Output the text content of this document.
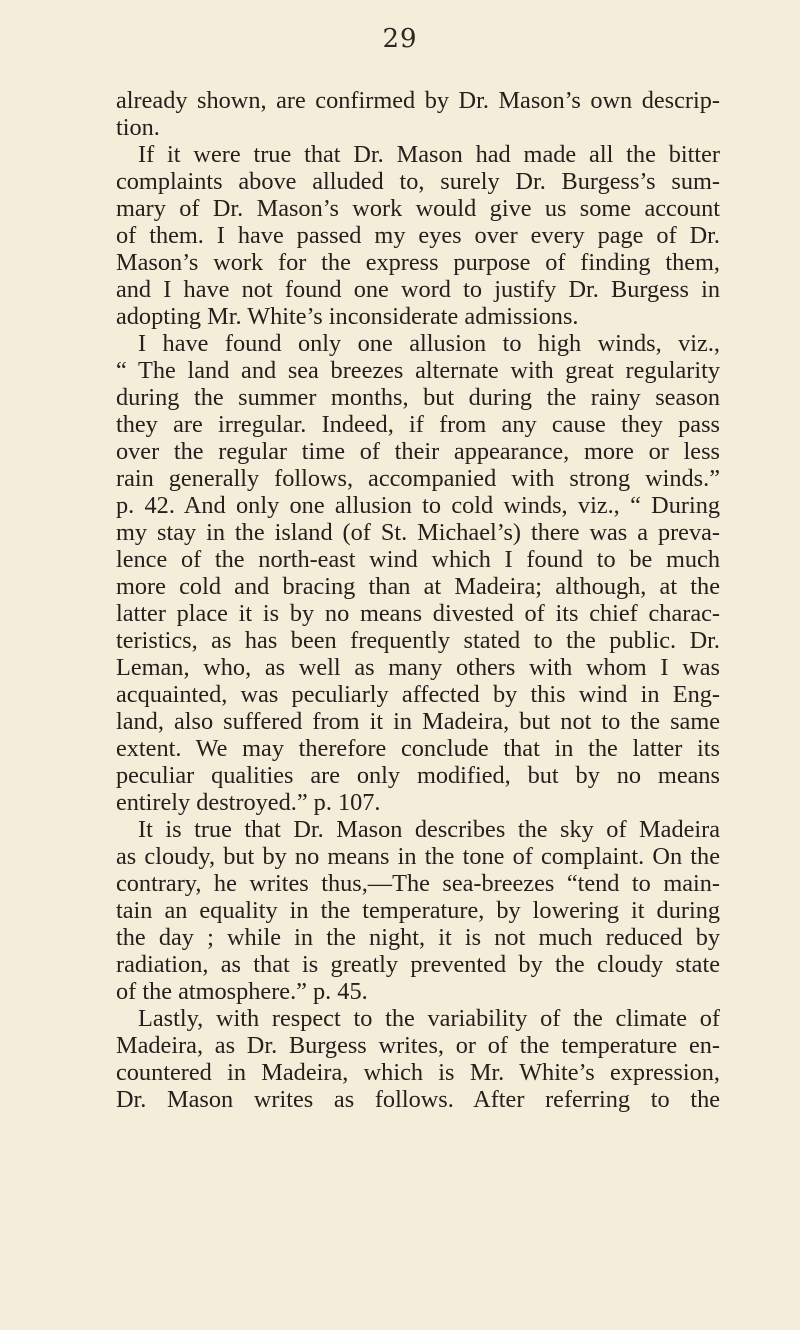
29
already shown, are confirmed by Dr. Mason’s own descrip-
tion.
If it were true that Dr. Mason had made all the bitter
complaints above alluded to, surely Dr. Burgess’s sum-
mary of Dr. Mason’s work would give us some account
of them. I have passed my eyes over every page of Dr.
Mason’s work for the express purpose of finding them,
and I have not found one word to justify Dr. Burgess in
adopting Mr. White’s inconsiderate admissions.
I have found only one allusion to high winds, viz.,
“ The land and sea breezes alternate with great regularity
during the summer months, but during the rainy season
they are irregular. Indeed, if from any cause they pass
over the regular time of their appearance, more or less
rain generally follows, accompanied with strong winds.”
p. 42. And only one allusion to cold winds, viz., “ During
my stay in the island (of St. Michael’s) there was a preva-
lence of the north-east wind which I found to be much
more cold and bracing than at Madeira; although, at the
latter place it is by no means divested of its chief charac-
teristics, as has been frequently stated to the public. Dr.
Leman, who, as well as many others with whom I was
acquainted, was peculiarly affected by this wind in Eng-
land, also suffered from it in Madeira, but not to the same
extent. We may therefore conclude that in the latter its
peculiar qualities are only modified, but by no means
entirely destroyed.” p. 107.
It is true that Dr. Mason describes the sky of Madeira
as cloudy, but by no means in the tone of complaint. On the
contrary, he writes thus,—The sea-breezes “tend to main-
tain an equality in the temperature, by lowering it during
the day ; while in the night, it is not much reduced by
radiation, as that is greatly prevented by the cloudy state
of the atmosphere.” p. 45.
Lastly, with respect to the variability of the climate of
Madeira, as Dr. Burgess writes, or of the temperature en-
countered in Madeira, which is Mr. White’s expression,
Dr. Mason writes as follows. After referring to the
